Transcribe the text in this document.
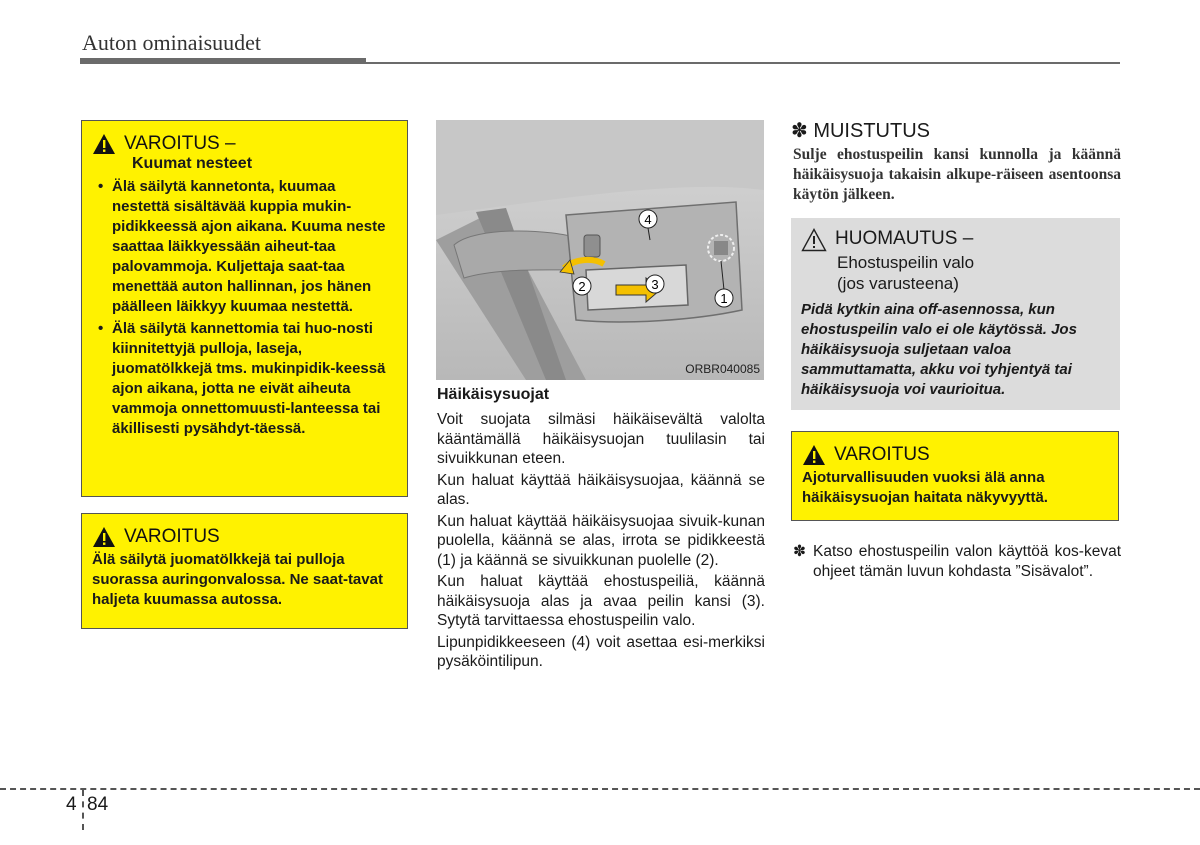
Auton ominaisuudet
VAROITUS –
Kuumat nesteet
• Älä säilytä kannetonta, kuumaa nestettä sisältävää kuppia mukin-pidikkeessä ajon aikana. Kuuma neste saattaa läikkyessään aiheut-taa palovammoja. Kuljettaja saat-taa menettää auton hallinnan, jos hänen päälleen läikkyy kuumaa nestettä.
• Älä säilytä kannettomia tai huo-nosti kiinnitettyjä pulloja, laseja, juomatölkkejä tms. mukinpidik-keessä ajon aikana, jotta ne eivät aiheuta vammoja onnettomuusti-lanteessa tai äkillisesti pysähdyt-täessä.
VAROITUS
Älä säilytä juomatölkkejä tai pulloja suorassa auringonvalossa. Ne saat-tavat haljeta kuumassa autossa.
1
2	3
4
ORBR040085
Häikäisysuojat

Voit suojata silmäsi häikäisevältä valolta kääntämällä häikäisysuojan tuulilasin tai sivuikkunan eteen.

Kun haluat käyttää häikäisysuojaa, käännä se alas.

Kun haluat käyttää häikäisysuojaa sivuik-kunan puolella, käännä se alas, irrota se pidikkeestä (1) ja käännä se sivuikkunan puolelle (2).

Kun haluat käyttää ehostuspeiliä, käännä häikäisysuoja alas ja avaa peilin kansi (3). Sytytä tarvittaessa ehostuspeilin valo.

Lipunpidikkeeseen (4) voit asettaa esi-merkiksi pysäköintilipun.

✽ MUISTUTUS
Sulje ehostuspeilin kansi kunnolla ja käännä häikäisysuoja takaisin alkupe-räiseen asentoonsa käytön jälkeen.
HUOMAUTUS –
Ehostuspeilin valo
(jos varusteena)
Pidä kytkin aina off-asennossa, kun ehostuspeilin valo ei ole käytössä. Jos häikäisysuoja suljetaan valoa sammuttamatta, akku voi tyhjentyä tai häikäisysuoja voi vaurioitua.
VAROITUS
Ajoturvallisuuden vuoksi älä anna häikäisysuojan haitata näkyvyyttä.
✽ Katso ehostuspeilin valon käyttöä kos-kevat ohjeet tämän luvun kohdasta ”Sisävalot”.
4 84
